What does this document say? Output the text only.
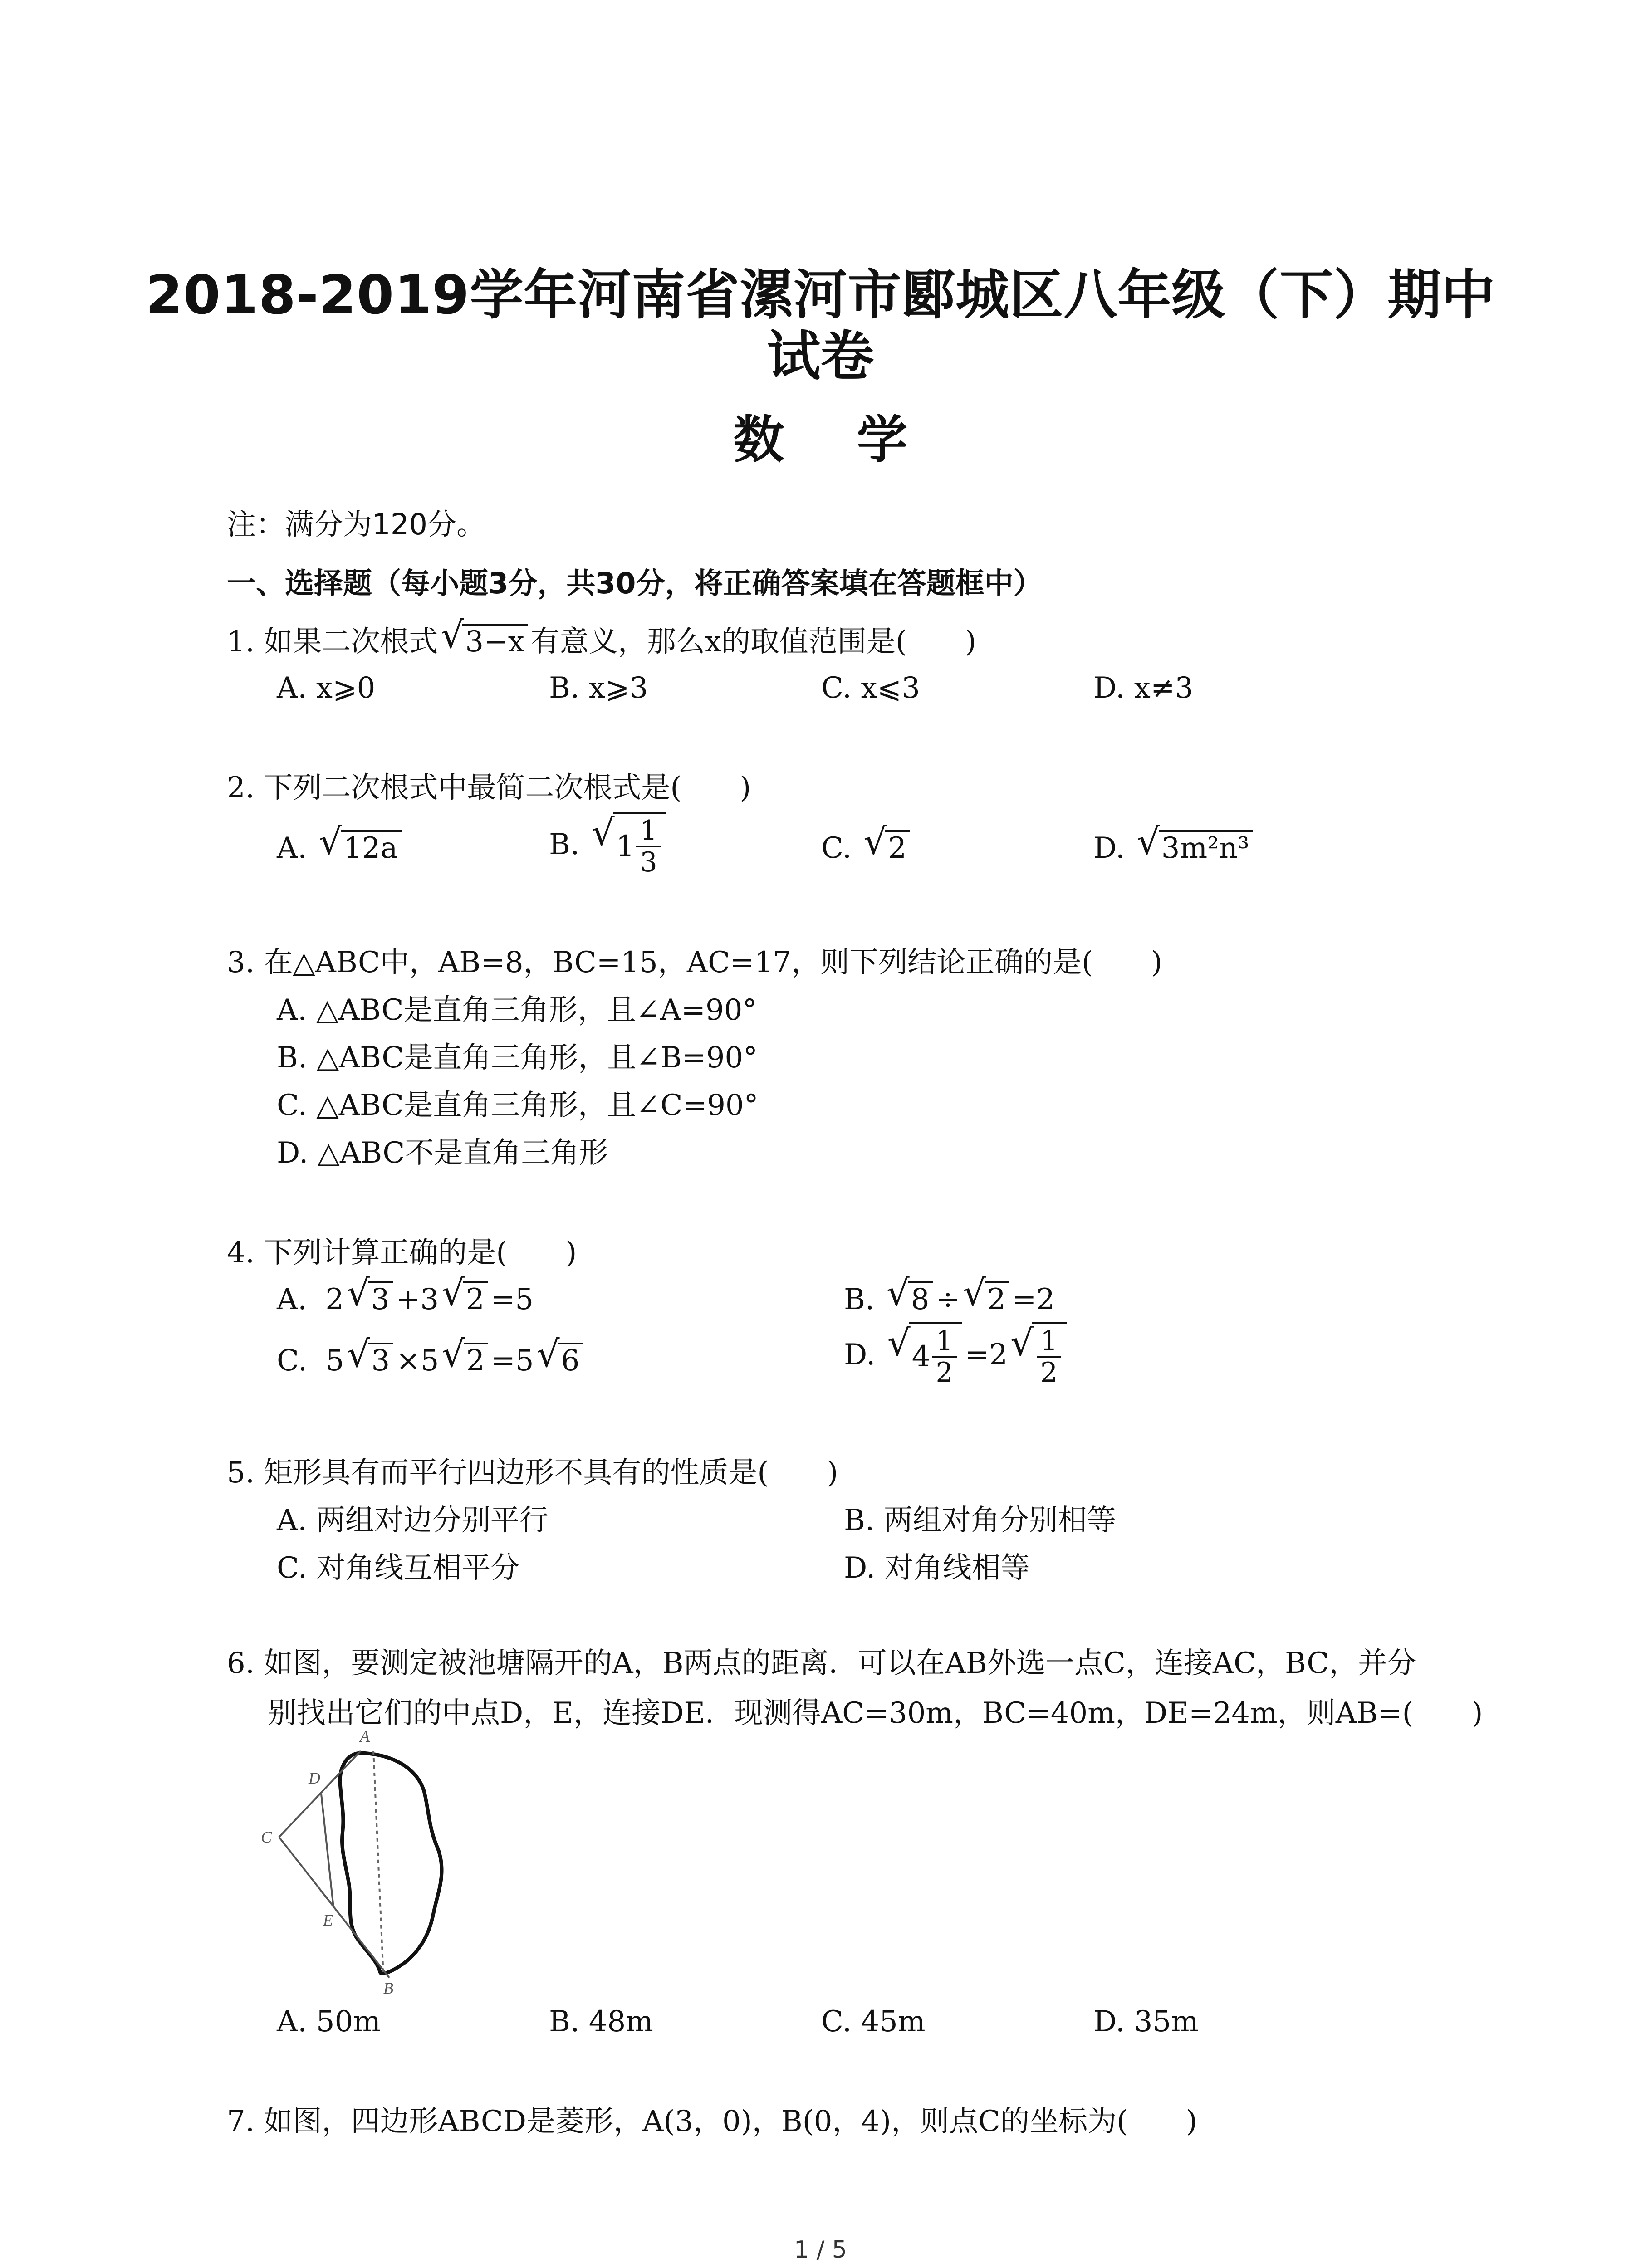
2018-2019学年河南省漯河市郾城区八年级（下）期中
试卷
数学
注：满分为120分。
一、选择题（每小题3分，共30分，将正确答案填在答题框中）
1. 如果二次根式 √ 3−x 有意义，那么x的取值范围是(　　)
A. x⩾0	B. x⩾3	C. x⩽3	D. x≠3
2. 下列二次根式中最简二次根式是(　　)
A. √ 12a	B. √ $1 \frac{1}{3}$	C. √ 2	D. √ 3m²n³
3. 在△ABC中，AB=8，BC=15，AC=17，则下列结论正确的是(　　)
A. △ABC是直角三角形，且∠A=90°
B. △ABC是直角三角形，且∠B=90°
C. △ABC是直角三角形，且∠C=90°
D. △ABC不是直角三角形
4. 下列计算正确的是(　　)
A.  2 √ 3 +3 √ 2 =5	B. √ 8 ÷ √ 2 =2
C.  5 √ 3 ×5 √ 2 =5 √ 6	D. √ $4 \frac{1}{2} =2$ √ $\frac{1}{2}$
5. 矩形具有而平行四边形不具有的性质是(　　)
A. 两组对边分别平行	B. 两组对角分别相等
C. 对角线互相平分	D. 对角线相等
6. 如图，要测定被池塘隔开的A，B两点的距离．可以在AB外选一点C，连接AC，BC，并分
别找出它们的中点D，E，连接DE．现测得AC=30m，BC=40m，DE=24m，则AB=(　　)
A
D
C
E
B
A. 50m	B. 48m	C. 45m	D. 35m
7. 如图，四边形ABCD是菱形，A(3，0)，B(0，4)，则点C的坐标为(　　)
1 / 5
